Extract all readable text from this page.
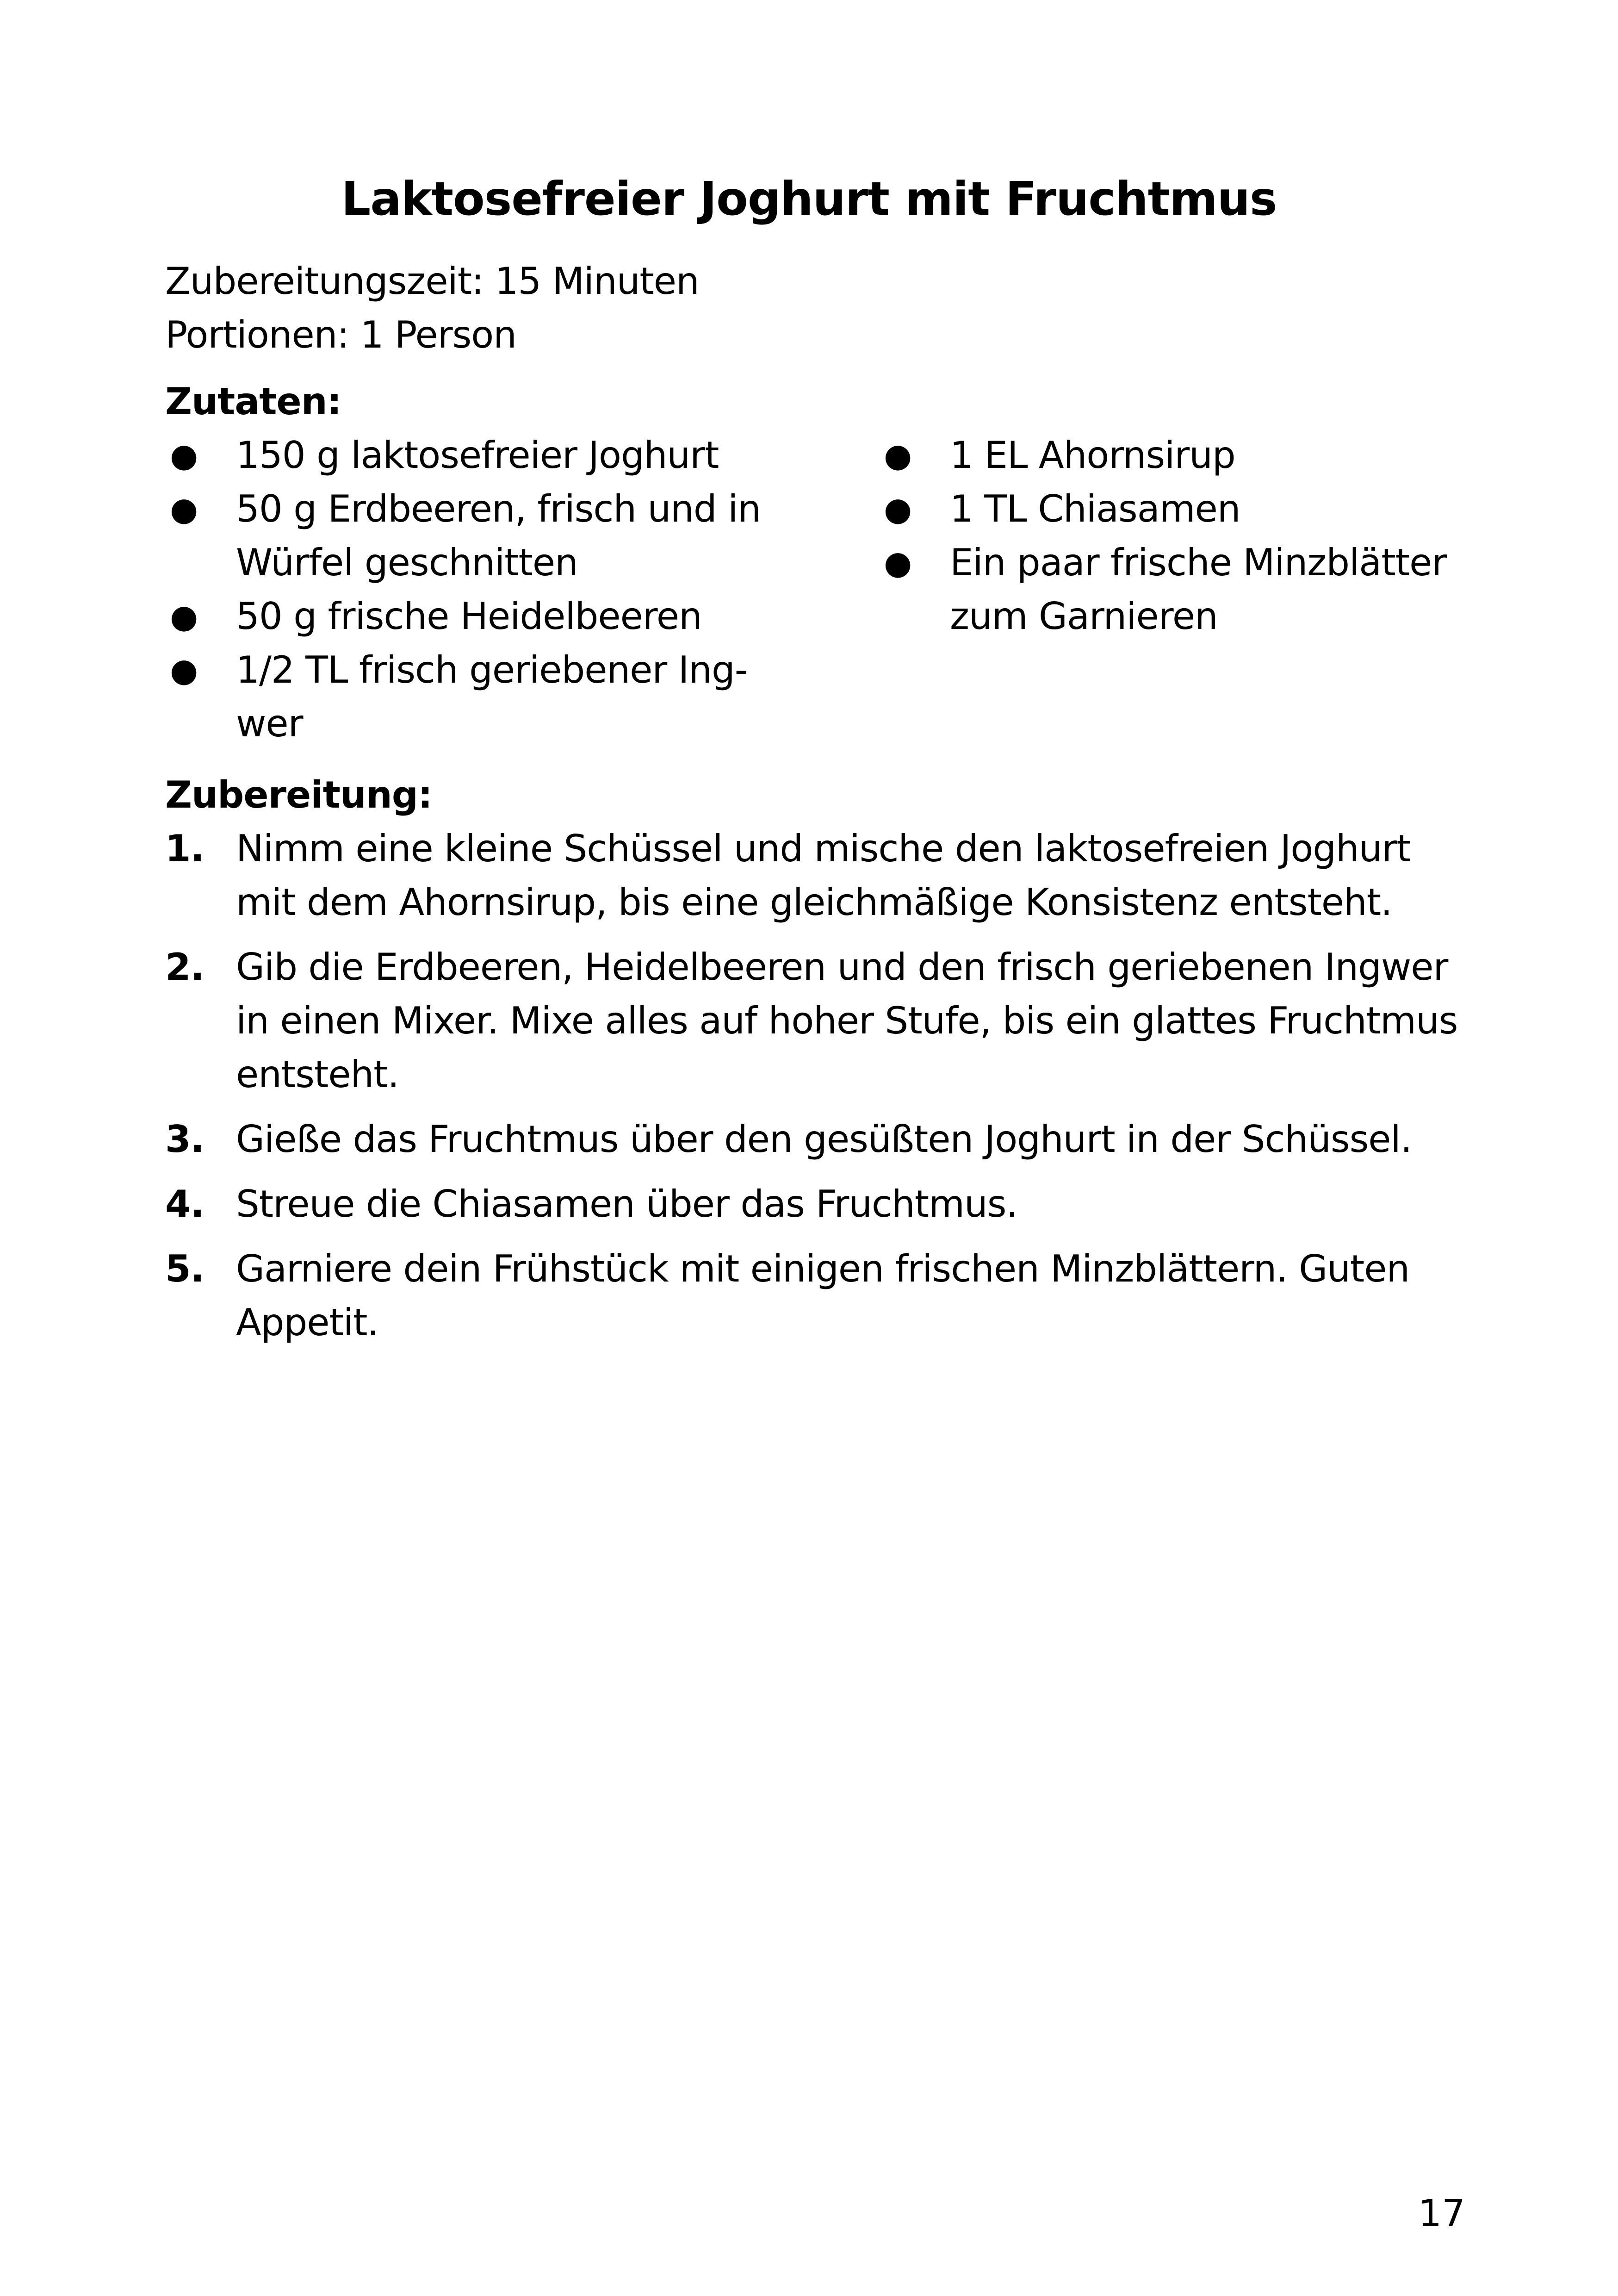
Laktosefreier Joghurt mit Fruchtmus
Zubereitungszeit: 15 Minuten
Portionen: 1 Person
Zutaten:
● 150 g laktosefreier Joghurt
● 50 g Erdbeeren, frisch und in Würfel geschnitten
● 50 g frische Heidelbeeren
● 1/2 TL frisch geriebener Ingwer
● 1 EL Ahornsirup
● 1 TL Chiasamen
● Ein paar frische Minzblätter zum Garnieren
Zubereitung:
1. Nimm eine kleine Schüssel und mische den laktosefreien Joghurt mit dem Ahornsirup, bis eine gleichmäßige Konsistenz entsteht.
2. Gib die Erdbeeren, Heidelbeeren und den frisch geriebenen Ingwer in einen Mixer. Mixe alles auf hoher Stufe, bis ein glattes Fruchtmus entsteht.
3. Gieße das Fruchtmus über den gesüßten Joghurt in der Schüssel.
4. Streue die Chiasamen über das Fruchtmus.
5. Garniere dein Frühstück mit einigen frischen Minzblättern. Guten Appetit.
17
